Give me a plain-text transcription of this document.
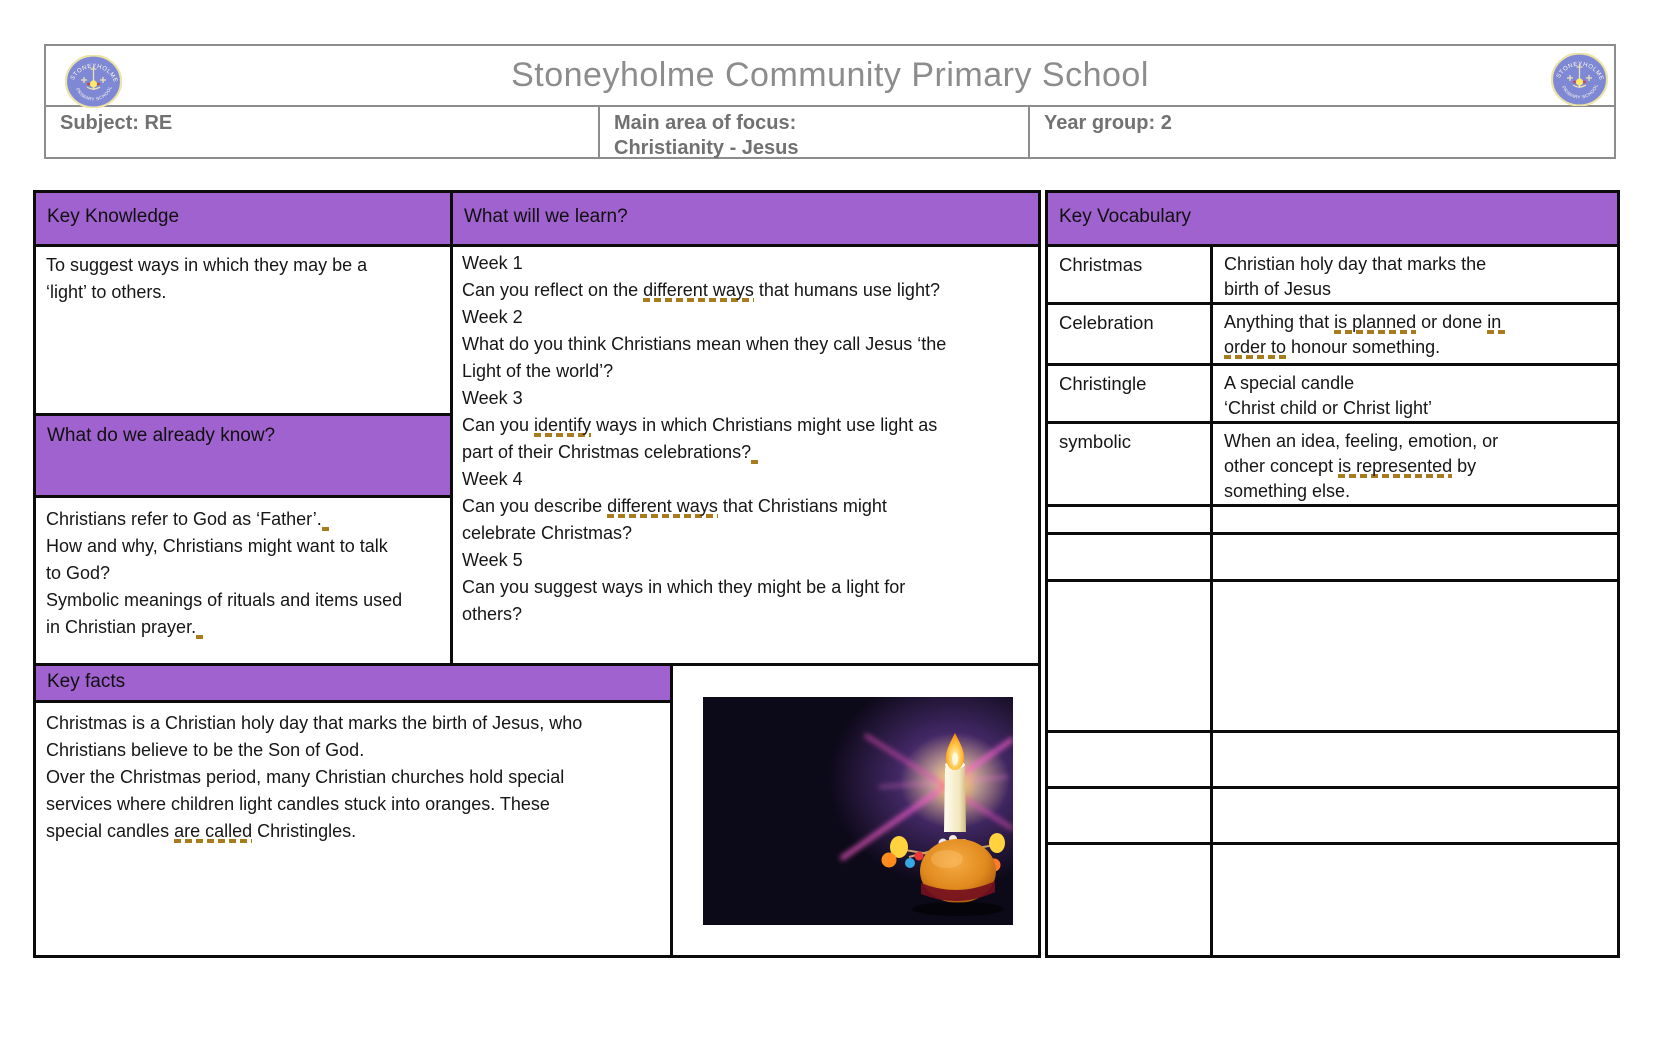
STONEYHOLME
PRIMARY SCHOOL	Stoneyholme Community Primary School	STONEYHOLME
PRIMARY SCHOOL
Subject: RE	Main area of focus:
Christianity - Jesus
Year group: 2
Key Knowledge	What will we learn?
What do we already know?
Key facts
To suggest ways in which they may be a
‘light’ to others.
Week 1
Can you reflect on the different ways that humans use light?
Week 2
What do you think Christians mean when they call Jesus ‘the
Light of the world’?
Week 3
Can you identify ways in which Christians might use light as
part of their Christmas celebrations?
Week 4
Can you describe different ways that Christians might
celebrate Christmas?
Week 5
Can you suggest ways in which they might be a light for
others?
Christians refer to God as ‘Father’.
How and why, Christians might want to talk
to God?
Symbolic meanings of rituals and items used
in Christian prayer.
Christmas is a Christian holy day that marks the birth of Jesus, who
Christians believe to be the Son of God.
Over the Christmas period, many Christian churches hold special
services where children light candles stuck into oranges. These
special candles are called Christingles.
Key Vocabulary
Christmas	Christian holy day that marks the
birth of Jesus
Celebration	Anything that is planned or done in
order to honour something.
Christingle	A special candle
‘Christ child or Christ light’
symbolic	When an idea, feeling, emotion, or
other concept is represented by
something else.
